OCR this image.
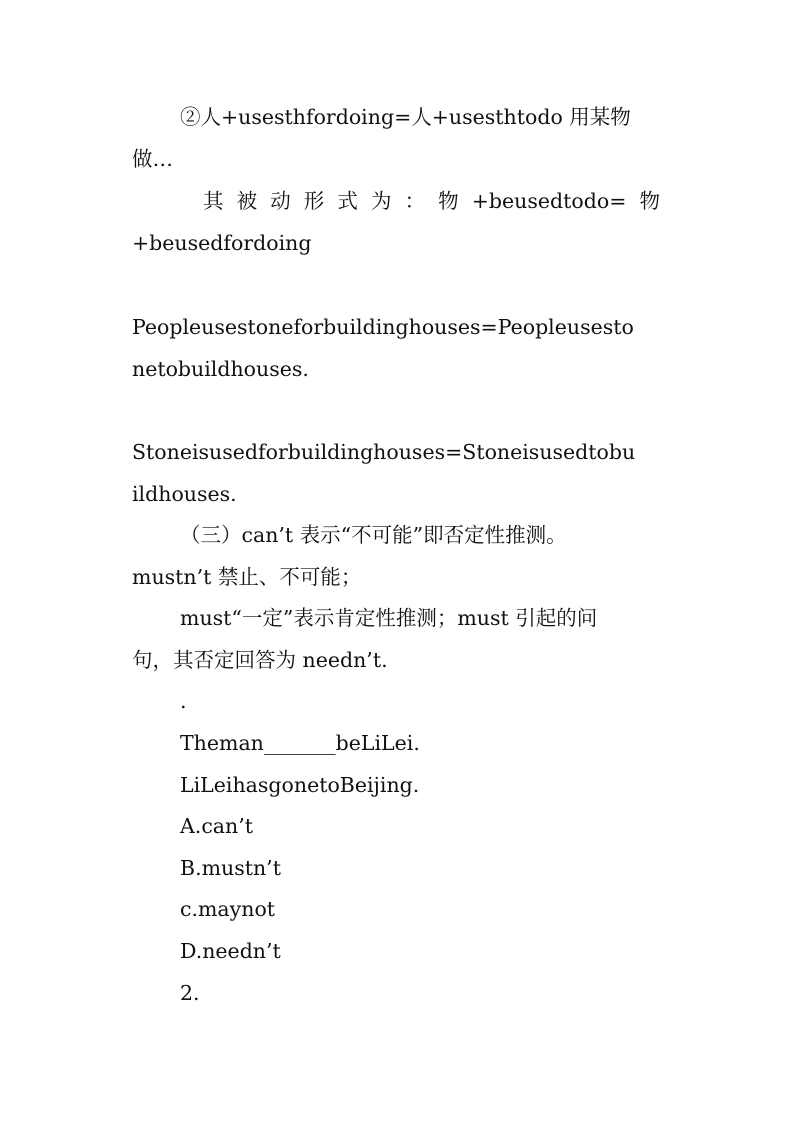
②人+usesthfordoing=人+usesthtodo 用某物
做…
其 被 动 形 式 为 ： 物 +beusedtodo= 物
+beusedfordoing
Peopleusestoneforbuildinghouses=Peopleusesto
netobuildhouses.
Stoneisusedforbuildinghouses=Stoneisusedtobu
ildhouses.
（三）can’t 表示“不可能”即否定性推测。
mustn’t 禁止、不可能；
must“一定”表示肯定性推测；must 引起的问
句，其否定回答为 needn’t.
.
Theman_______beLiLei.
LiLeihasgonetoBeijing.
A.can’t
B.mustn’t
c.maynot
D.needn’t
2.
